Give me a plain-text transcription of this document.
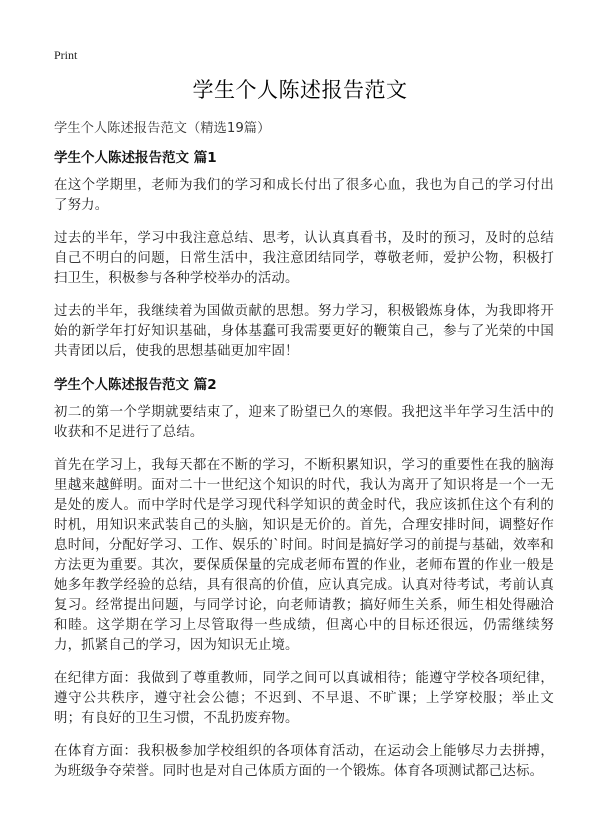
Print
学生个人陈述报告范文

学生个人陈述报告范文（精选19篇）

学生个人陈述报告范文 篇1

在这个学期里，老师为我们的学习和成长付出了很多心血，我也为自己的学习付出了努力。

过去的半年，学习中我注意总结、思考，认认真真看书，及时的预习，及时的总结自己不明白的问题，日常生活中，我注意团结同学，尊敬老师，爱护公物，积极打扫卫生，积极参与各种学校举办的活动。

过去的半年，我继续着为国做贡献的思想。努力学习，积极锻炼身体，为我即将开始的新学年打好知识基础，身体基蠢可我需要更好的鞭策自己，参与了光荣的中国共青团以后，使我的思想基础更加牢固！

学生个人陈述报告范文 篇2

初二的第一个学期就要结束了，迎来了盼望已久的寒假。我把这半年学习生活中的收获和不足进行了总结。

首先在学习上，我每天都在不断的学习，不断积累知识，学习的重要性在我的脑海里越来越鲜明。面对二十一世纪这个知识的时代，我认为离开了知识将是一个一无是处的废人。而中学时代是学习现代科学知识的黄金时代，我应该抓住这个有利的时机，用知识来武装自己的头脑，知识是无价的。首先，合理安排时间，调整好作息时间，分配好学习、工作、娱乐的`时间。时间是搞好学习的前提与基础，效率和方法更为重要。其次，要保质保量的完成老师布置的作业，老师布置的作业一般是她多年教学经验的总结，具有很高的价值，应认真完成。认真对待考试，考前认真复习。经常提出问题，与同学讨论，向老师请教；搞好师生关系，师生相处得融洽和睦。这学期在学习上尽管取得一些成绩，但离心中的目标还很远，仍需继续努力，抓紧自己的学习，因为知识无止境。

在纪律方面：我做到了尊重教师，同学之间可以真诚相待；能遵守学校各项纪律，遵守公共秩序，遵守社会公德；不迟到、不早退、不旷课；上学穿校服；举止文明；有良好的卫生习惯，不乱扔废弃物。

在体育方面：我积极参加学校组织的各项体育活动，在运动会上能够尽力去拼搏，为班级争夺荣誉。同时也是对自己体质方面的一个锻炼。体育各项测试都己达标。
